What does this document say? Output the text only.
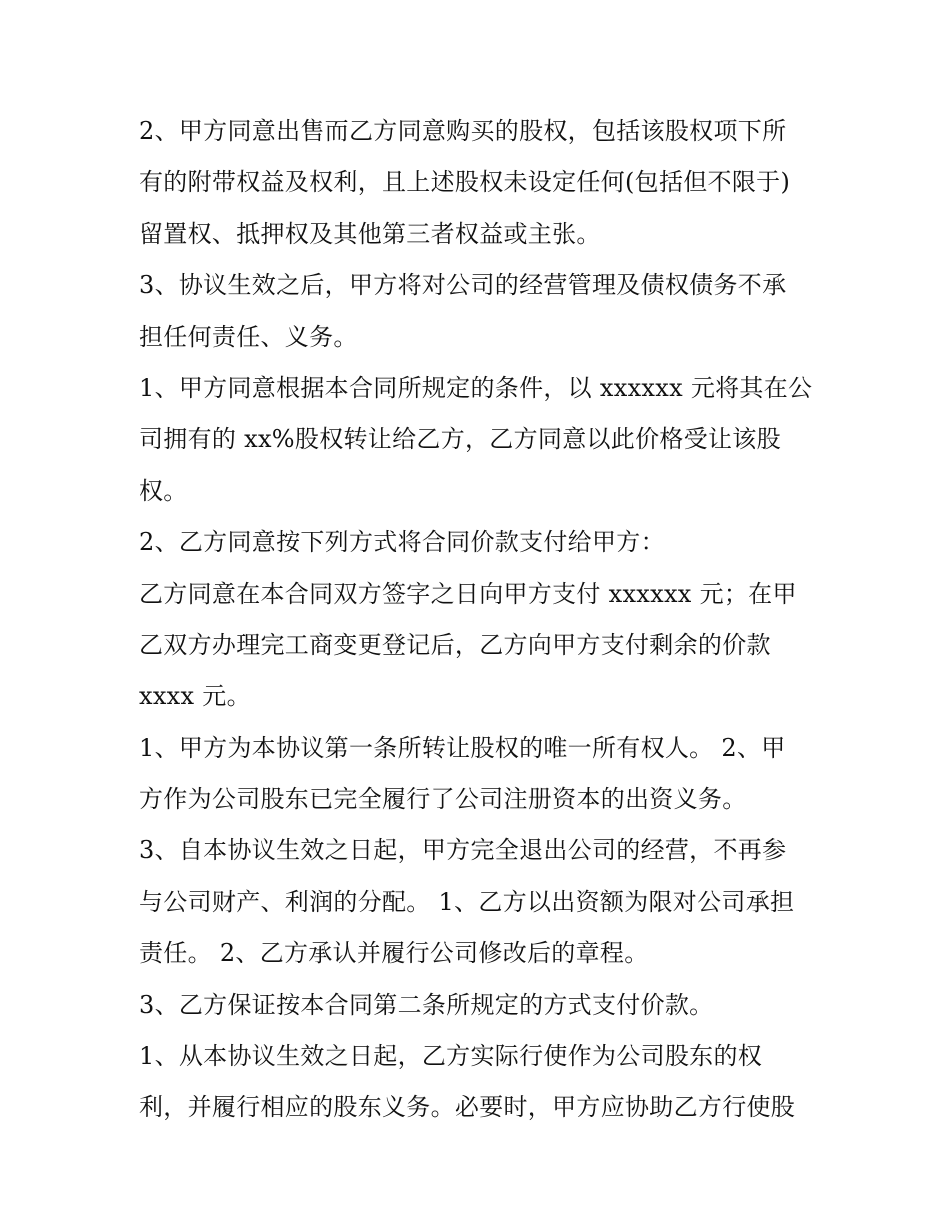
2、甲方同意出售而乙方同意购买的股权，包括该股权项下所
有的附带权益及权利，且上述股权未设定任何(包括但不限于)
留置权、抵押权及其他第三者权益或主张。
3、协议生效之后，甲方将对公司的经营管理及债权债务不承
担任何责任、义务。
1、甲方同意根据本合同所规定的条件，以 xxxxxx 元将其在公
司拥有的 xx%股权转让给乙方，乙方同意以此价格受让该股
权。
2、乙方同意按下列方式将合同价款支付给甲方：
乙方同意在本合同双方签字之日向甲方支付 xxxxxx 元；在甲
乙双方办理完工商变更登记后，乙方向甲方支付剩余的价款
xxxx 元。
1、甲方为本协议第一条所转让股权的唯一所有权人。 2、甲
方作为公司股东已完全履行了公司注册资本的出资义务。
3、自本协议生效之日起，甲方完全退出公司的经营，不再参
与公司财产、利润的分配。 1、乙方以出资额为限对公司承担
责任。 2、乙方承认并履行公司修改后的章程。
3、乙方保证按本合同第二条所规定的方式支付价款。
1、从本协议生效之日起，乙方实际行使作为公司股东的权
利，并履行相应的股东义务。必要时，甲方应协助乙方行使股
